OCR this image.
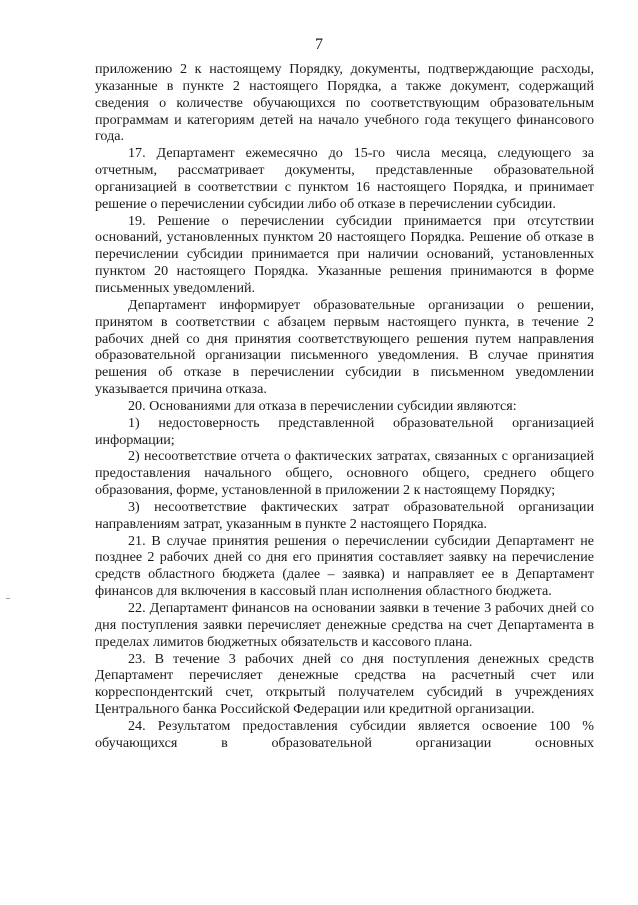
7

приложению 2 к настоящему Порядку, документы, подтверждающие расходы, указанные в пункте 2 настоящего Порядка, а также документ, содержащий сведения о количестве обучающихся по соответствующим образовательным программам и категориям детей на начало учебного года текущего финансового года.

17. Департамент ежемесячно до 15-го числа месяца, следующего за отчетным, рассматривает документы, представленные образовательной организацией в соответствии с пунктом 16 настоящего Порядка, и принимает решение о перечислении субсидии либо об отказе в перечислении субсидии.

19. Решение о перечислении субсидии принимается при отсутствии оснований, установленных пунктом 20 настоящего Порядка. Решение об отказе в перечислении субсидии принимается при наличии оснований, установленных пунктом 20 настоящего Порядка. Указанные решения принимаются в форме письменных уведомлений.

Департамент информирует образовательные организации о решении, принятом в соответствии с абзацем первым настоящего пункта, в течение 2 рабочих дней со дня принятия соответствующего решения путем направления образовательной организации письменного уведомления. В случае принятия решения об отказе в перечислении субсидии в письменном уведомлении указывается причина отказа.

20. Основаниями для отказа в перечислении субсидии являются:

1) недостоверность представленной образовательной организацией информации;

2) несоответствие отчета о фактических затратах, связанных с организацией предоставления начального общего, основного общего, среднего общего образования, форме, установленной в приложении 2 к настоящему Порядку;

3) несоответствие фактических затрат образовательной организации направлениям затрат, указанным в пункте 2 настоящего Порядка.

21. В случае принятия решения о перечислении субсидии Департамент не позднее 2 рабочих дней со дня его принятия составляет заявку на перечисление средств областного бюджета (далее – заявка) и направляет ее в Департамент финансов для включения в кассовый план исполнения областного бюджета.

22. Департамент финансов на основании заявки в течение 3 рабочих дней со дня поступления заявки перечисляет денежные средства на счет Департамента в пределах лимитов бюджетных обязательств и кассового плана.

23. В течение 3 рабочих дней со дня поступления денежных средств Департамент перечисляет денежные средства на расчетный счет или корреспондентский счет, открытый получателем субсидий в учреждениях Центрального банка Российской Федерации или кредитной организации.

24. Результатом предоставления субсидии является освоение 100 % обучающихся в образовательной организации основных
